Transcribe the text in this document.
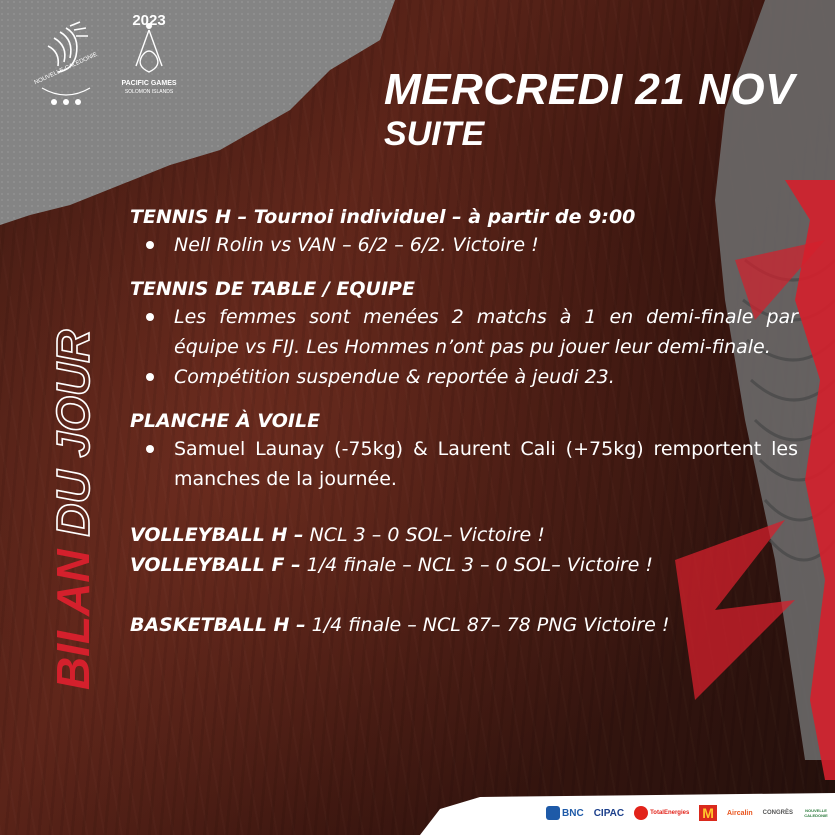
NOUVELLE-CALEDONIE
2023
PACIFIC GAMES
SOLOMON ISLANDS	MERCREDI 21 NOV
SUITE
BILAN DU JOUR

TENNIS H – Tournoi individuel – à partir de 9:00

Nell Rolin vs VAN – 6/2 – 6/2. Victoire !

TENNIS DE TABLE / EQUIPE

Les femmes sont menées 2 matchs à 1 en demi-finale par équipe vs FIJ. Les Hommes n’ont pas pu jouer leur demi-finale.
Compétition suspendue & reportée à jeudi 23.

PLANCHE À VOILE

Samuel Launay (-75kg) & Laurent Cali (+75kg) remportent les manches de la journée.

VOLLEYBALL H – NCL 3 – 0 SOL– Victoire !

VOLLEYBALL F – 1/4 finale – NCL 3 – 0 SOL– Victoire !

BASKETBALL H – 1/4 finale – NCL 87– 78 PNG Victoire !

BNC CIPAC	TotalEnergies M	Aircalin CONGRÈS	NOUVELLE CALEDONIE
